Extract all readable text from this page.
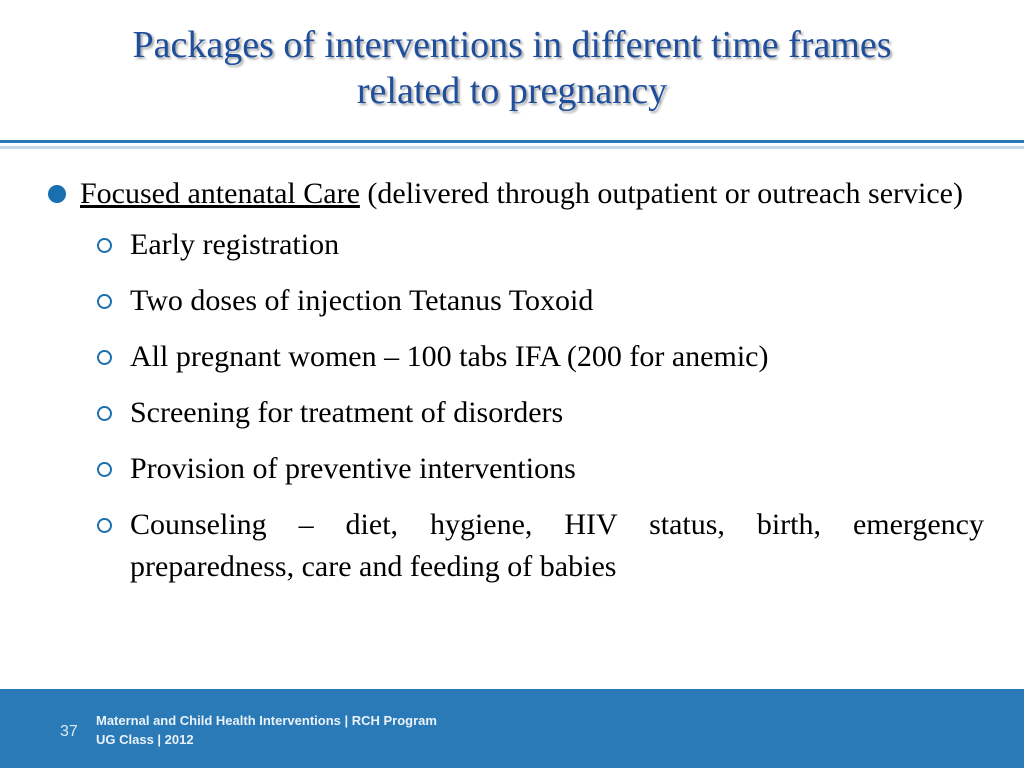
Packages of interventions in different time frames
related to pregnancy
Focused antenatal Care (delivered through outpatient or outreach service)
Early registration
Two doses of injection Tetanus Toxoid
All pregnant women – 100 tabs IFA (200 for anemic)
Screening for treatment of disorders
Provision of preventive interventions
Counseling – diet, hygiene, HIV status, birth, emergency preparedness, care and feeding of babies
37
Maternal and Child Health Interventions | RCH Program
UG Class | 2012
